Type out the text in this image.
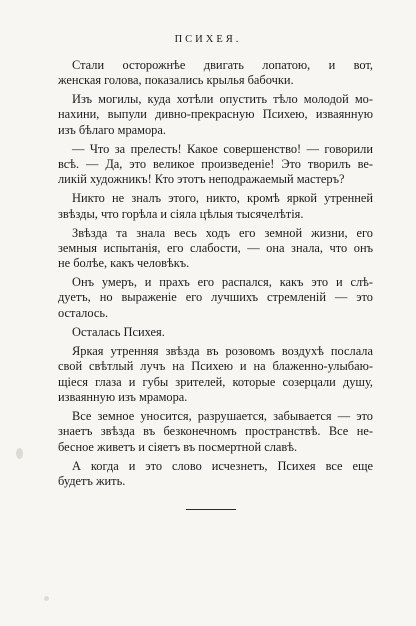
ПСИХЕЯ.
Стали осторожнѣе двигать лопатою, и вот,
женская голова, показались крылья бабочки.
Изъ могилы, куда хотѣли опустить тѣло молодой мо-
нахини, выпули дивно-прекрасную Психею, изваянную
изъ бѣлаго мрамора.
— Что за прелесть! Какое совершенство! — говорили
всѣ. — Да, это великое произведенiе! Это творилъ ве-
ликiй художникъ! Кто этотъ неподражаемый мастеръ?
Никто не зналъ этого, никто, кромѣ яркой утренней
звѣзды, что горѣла и сiяла цѣлыя тысячелѣтiя.
Звѣзда та знала весь ходъ его земной жизни, его
земныя испытанiя, его слабости, — она знала, что онъ
не болѣе, какъ человѣкъ.
Онъ умеръ, и прахъ его распался, какъ это и слѣ-
дуетъ, но выраженiе его лучшихъ стремленiй — это
осталось.
Осталась Психея.
Яркая утренняя звѣзда въ розовомъ воздухѣ послала
свой свѣтлый лучъ на Психею и на блаженно-улыбаю-
щiеся глаза и губы зрителей, которые созерцали душу,
изваянную изъ мрамора.
Все земное уносится, разрушается, забывается — это
знаетъ звѣзда въ безконечномъ пространствѣ. Все не-
бесное живетъ и сiяетъ въ посмертной славѣ.
А когда и это слово исчезнетъ, Психея все еще
будетъ жить.
